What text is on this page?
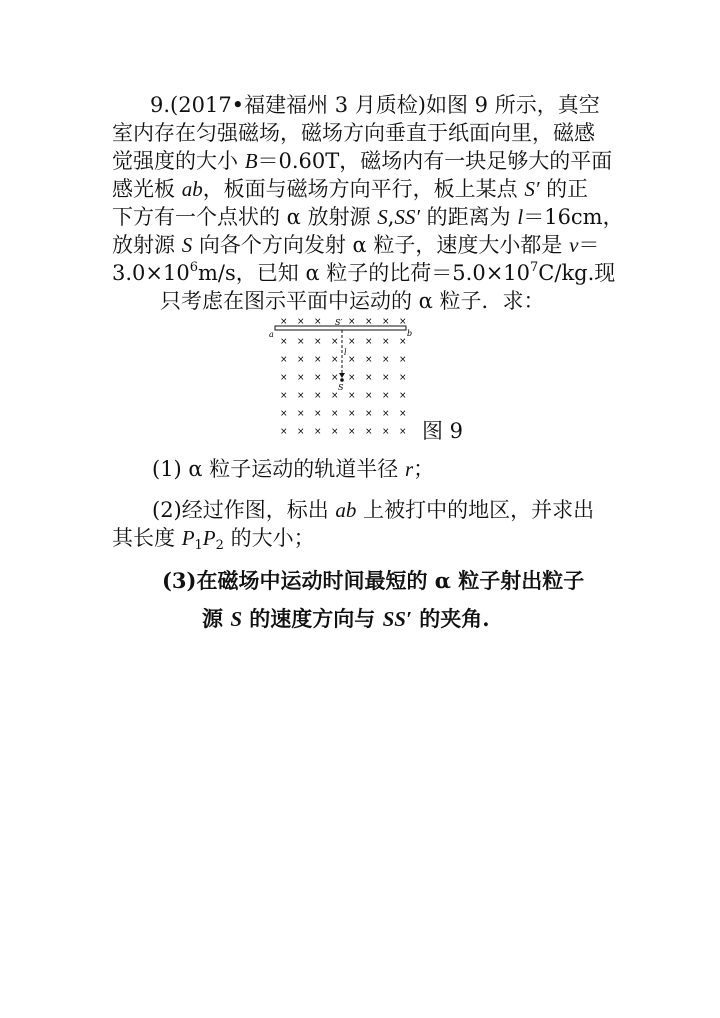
9.(2017•福建福州 3 月质检)如图 9 所示，真空
室内存在匀强磁场，磁场方向垂直于纸面向里，磁感
觉强度的大小 B＝0.60T，磁场内有一块足够大的平面
感光板 ab，板面与磁场方向平行，板上某点 S′ 的正
下方有一个点状的 α 放射源 S,SS′ 的距离为 l＝16cm，
放射源 S 向各个方向发射 α 粒子，速度大小都是 v＝
$3.0\times 10^6m/s$，已知 α 粒子的比荷$=5.0\times 10^7C/kg$.现
只考虑在图示平面中运动的 α 粒子．求：
× × ×	× × × ×
× × × × × × × ×
× × × × × × × ×
× × × × × × × ×
× × × × × × × ×
× × × × × × × ×
× × × × × × × ×
a	b
S′
l
S
图 9
(1) α 粒子运动的轨道半径 r；
(2)经过作图，标出 ab 上被打中的地区，并求出
其长度 P1P2 的大小；
(3)在磁场中运动时间最短的 α 粒子射出粒子
源 S 的速度方向与 SS′ 的夹角.
